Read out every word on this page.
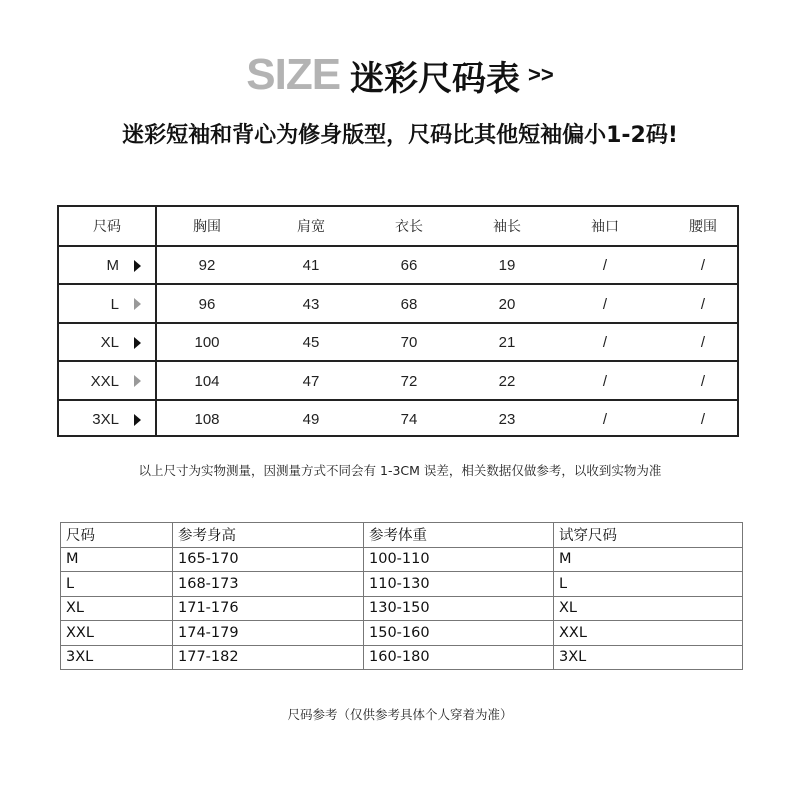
SIZE 迷彩尺码表 >>
迷彩短袖和背心为修身版型，尺码比其他短袖偏小1-2码!
尺码	胸围	肩宽	衣长	袖长	袖口	腰围
M	92	41	66	19	/	/
L	96	43	68	20	/	/
XL	100	45	70	21	/	/
XXL	104	47	72	22	/	/
3XL	108	49	74	23	/	/
以上尺寸为实物测量，因测量方式不同会有 1-3CM 误差，相关数据仅做参考，以收到实物为准
尺码	参考身高	参考体重	试穿尺码
M	165-170	100-110	M
L	168-173	110-130	L
XL	171-176	130-150	XL
XXL	174-179	150-160	XXL
3XL	177-182	160-180	3XL
尺码参考（仅供参考具体个人穿着为准）
